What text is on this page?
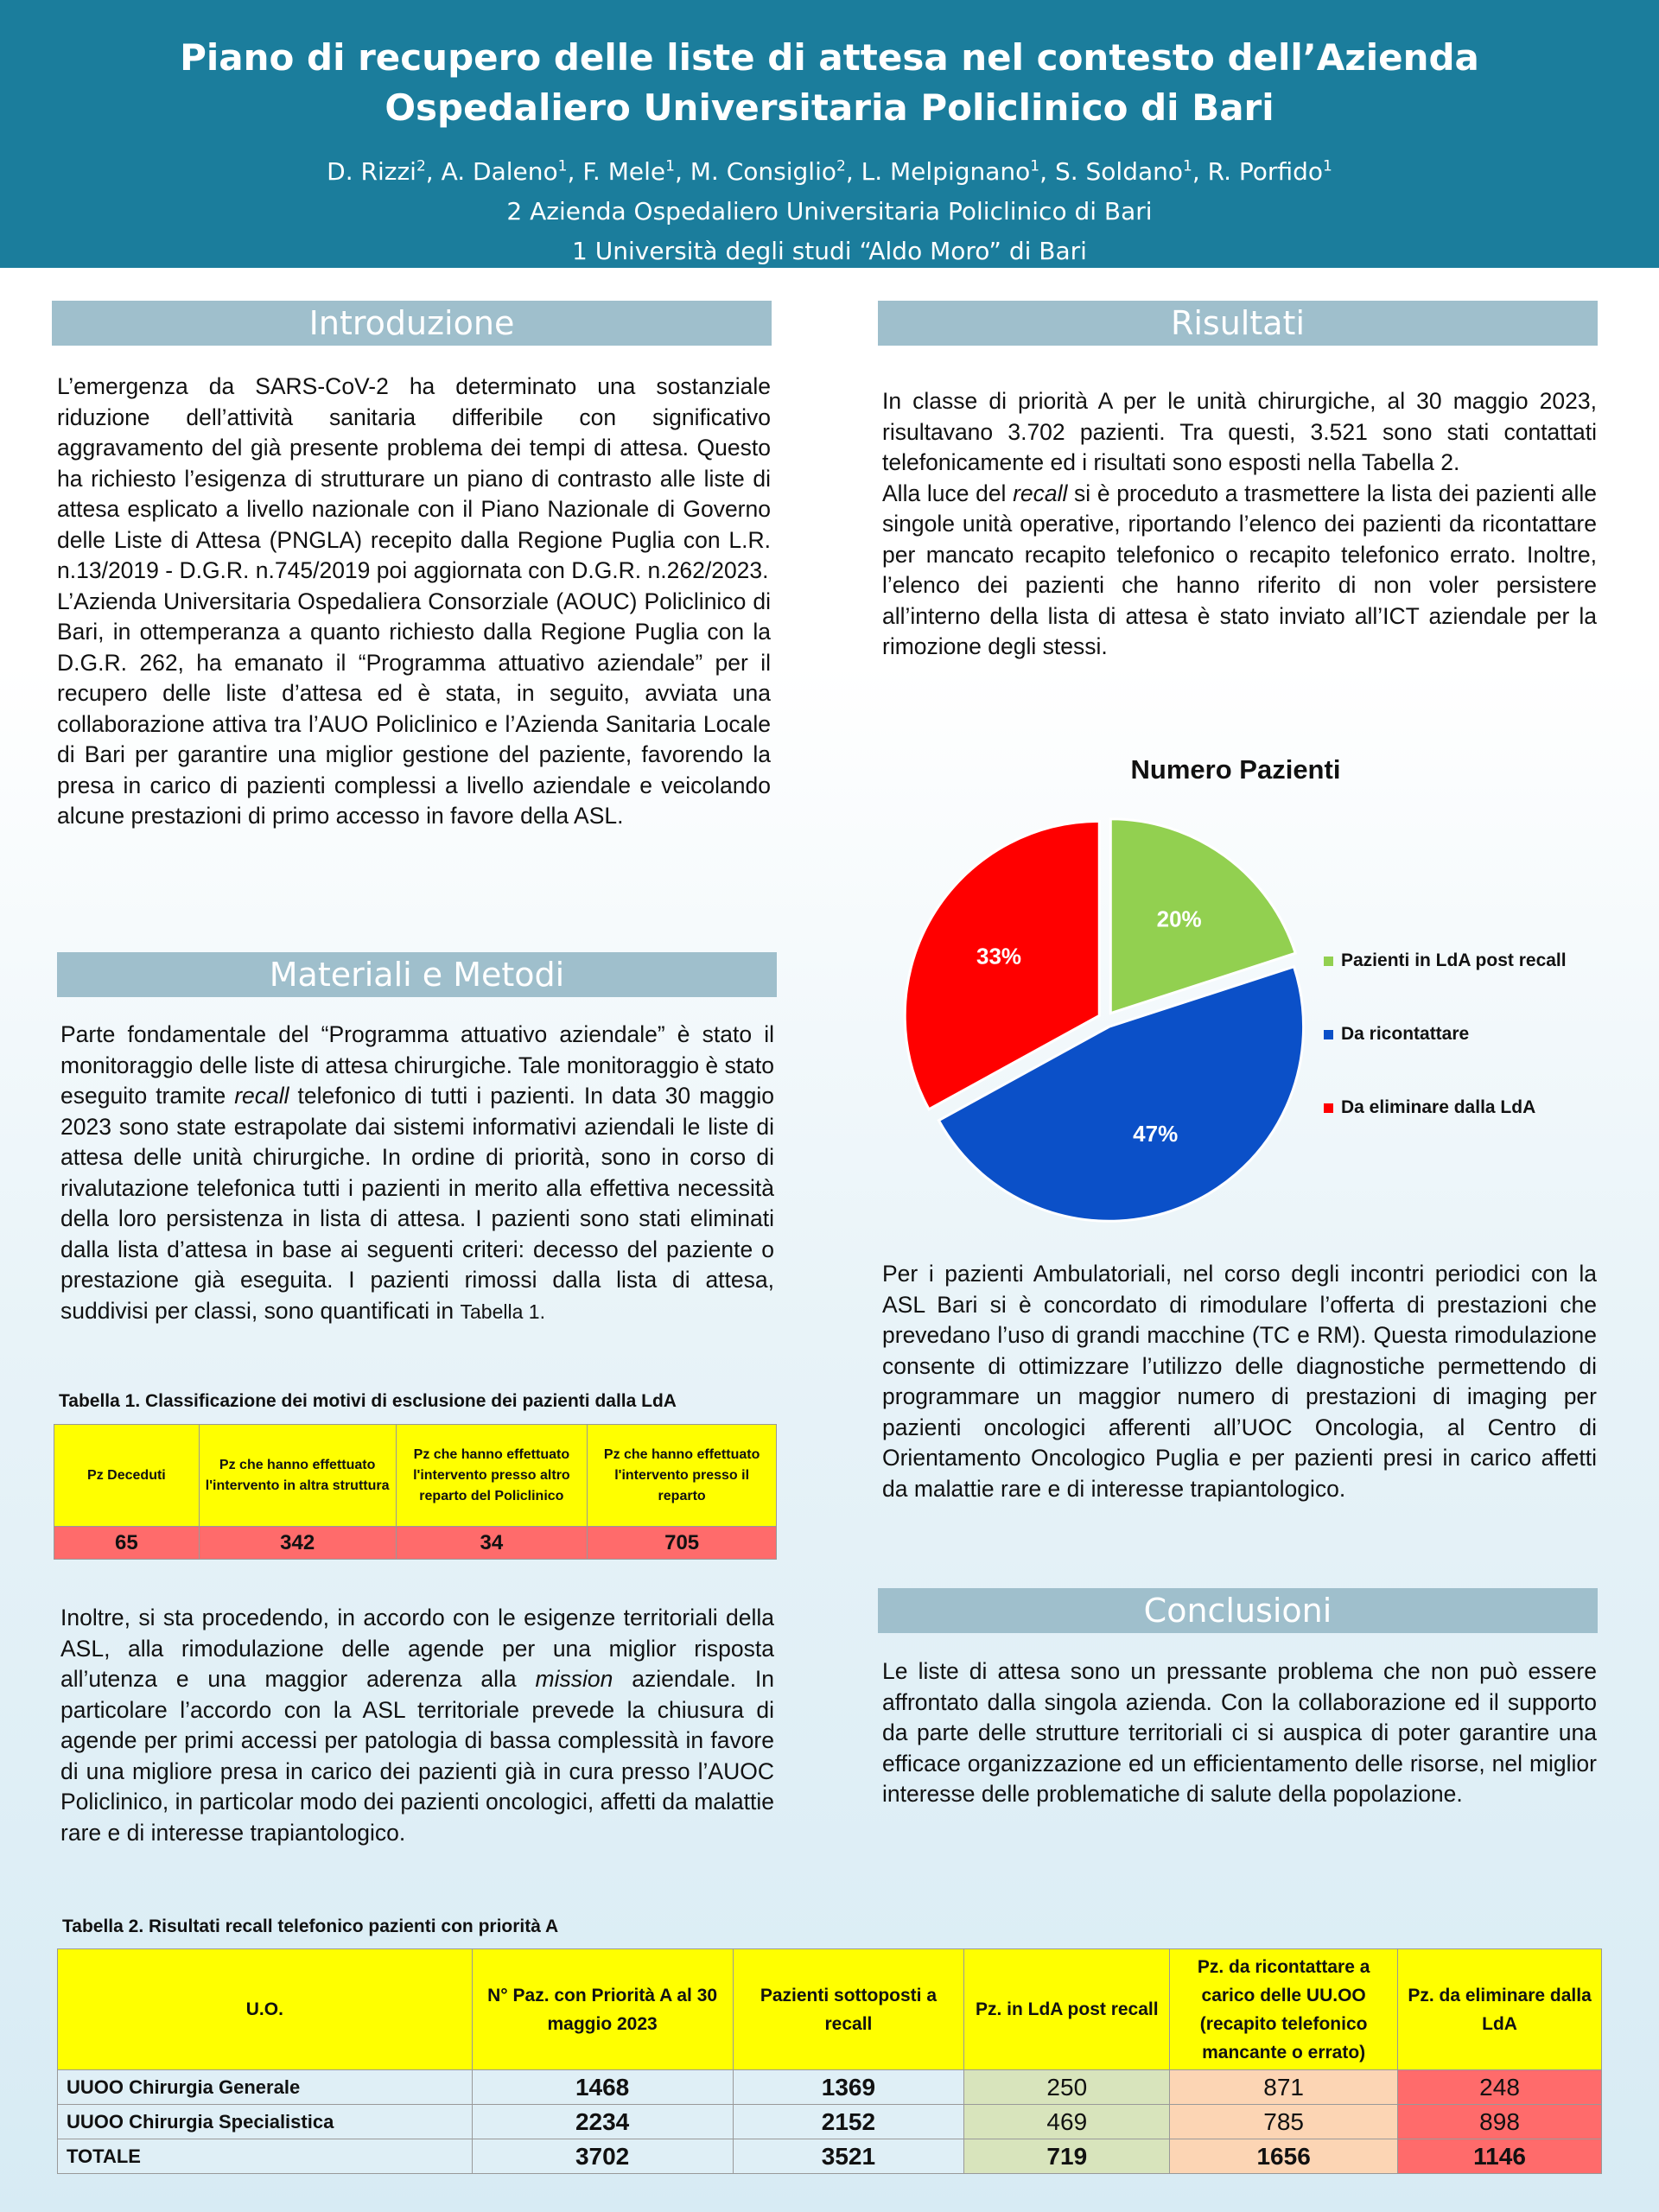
Piano di recupero delle liste di attesa nel contesto dell’Azienda
Ospedaliero Universitaria Policlinico di Bari
D. Rizzi$^2$, A. Daleno$^1$, F. Mele$^1$, M. Consiglio$^2$, L. Melpignano$^1$, S. Soldano$^1$, R. Porfido$^1$
2 Azienda Ospedaliero Universitaria Policlinico di Bari
1 Università degli studi “Aldo Moro” di Bari
Introduzione

L’emergenza da SARS-CoV-2 ha determinato una sostanziale riduzione dell’attività sanitaria differibile con significativo aggravamento del già presente problema dei tempi di attesa. Questo ha richiesto l’esigenza di strutturare un piano di contrasto alle liste di attesa esplicato a livello nazionale con il Piano Nazionale di Governo delle Liste di Attesa (PNGLA) recepito dalla Regione Puglia con L.R. n.13/2019 - D.G.R. n.745/2019 poi aggiornata con D.G.R. n.262/2023.

L’Azienda Universitaria Ospedaliera Consorziale (AOUC) Policlinico di Bari, in ottemperanza a quanto richiesto dalla Regione Puglia con la D.G.R. 262, ha emanato il “Programma attuativo aziendale” per il recupero delle liste d’attesa ed è stata, in seguito, avviata una collaborazione attiva tra l’AUO Policlinico e l’Azienda Sanitaria Locale di Bari per garantire una miglior gestione del paziente, favorendo la presa in carico di pazienti complessi a livello aziendale e veicolando alcune prestazioni di primo accesso in favore della ASL.

Materiali e Metodi

Parte fondamentale del “Programma attuativo aziendale” è stato il monitoraggio delle liste di attesa chirurgiche. Tale monitoraggio è stato eseguito tramite recall telefonico di tutti i pazienti. In data 30 maggio 2023 sono state estrapolate dai sistemi informativi aziendali le liste di attesa delle unità chirurgiche. In ordine di priorità, sono in corso di rivalutazione telefonica tutti i pazienti in merito alla effettiva necessità della loro persistenza in lista di attesa. I pazienti sono stati eliminati dalla lista d’attesa in base ai seguenti criteri: decesso del paziente o prestazione già eseguita. I pazienti rimossi dalla lista di attesa, suddivisi per classi, sono quantificati in Tabella 1.

Tabella 1. Classificazione dei motivi di esclusione dei pazienti dalla LdA
Pz Deceduti	Pz che hanno effettuato l'intervento in altra struttura	Pz che hanno effettuato l'intervento presso altro reparto del Policlinico	Pz che hanno effettuato l'intervento presso il reparto
65	342	34	705

Inoltre, si sta procedendo, in accordo con le esigenze territoriali della ASL, alla rimodulazione delle agende per una miglior risposta all’utenza e una maggior aderenza alla mission aziendale. In particolare l’accordo con la ASL territoriale prevede la chiusura di agende per primi accessi per patologia di bassa complessità in favore di una migliore presa in carico dei pazienti già in cura presso l’AUOC Policlinico, in particolar modo dei pazienti oncologici, affetti da malattie rare e di interesse trapiantologico.

Risultati

In classe di priorità A per le unità chirurgiche, al 30 maggio 2023, risultavano 3.702 pazienti. Tra questi, 3.521 sono stati contattati telefonicamente ed i risultati sono esposti nella Tabella 2.

Alla luce del recall si è proceduto a trasmettere la lista dei pazienti alle singole unità operative, riportando l’elenco dei pazienti da ricontattare per mancato recapito telefonico o recapito telefonico errato. Inoltre, l’elenco dei pazienti che hanno riferito di non voler persistere all’interno della lista di attesa è stato inviato all’ICT aziendale per la rimozione degli stessi.

Numero Pazienti
20%
47%
33%	Pazienti in LdA post recall
Da ricontattare
Da eliminare dalla LdA

Per i pazienti Ambulatoriali, nel corso degli incontri periodici con la ASL Bari si è concordato di rimodulare l’offerta di prestazioni che prevedano l’uso di grandi macchine (TC e RM). Questa rimodulazione consente di ottimizzare l’utilizzo delle diagnostiche permettendo di programmare un maggior numero di prestazioni di imaging per pazienti oncologici afferenti all’UOC Oncologia, al Centro di Orientamento Oncologico Puglia e per pazienti presi in carico affetti da malattie rare e di interesse trapiantologico.

Conclusioni

Le liste di attesa sono un pressante problema che non può essere affrontato dalla singola azienda. Con la collaborazione ed il supporto da parte delle strutture territoriali ci si auspica di poter garantire una efficace organizzazione ed un efficientamento delle risorse, nel miglior interesse delle problematiche di salute della popolazione.

Tabella 2. Risultati recall telefonico pazienti con priorità A
U.O.	N° Paz. con Priorità A al 30 maggio 2023	Pazienti sottoposti a recall	Pz. in LdA post recall	Pz. da ricontattare a carico delle UU.OO (recapito telefonico mancante o errato)	Pz. da eliminare dalla LdA
UUOO Chirurgia Generale	1468	1369	250	871	248
UUOO Chirurgia Specialistica	2234	2152	469	785	898
TOTALE	3702	3521	719	1656	1146
